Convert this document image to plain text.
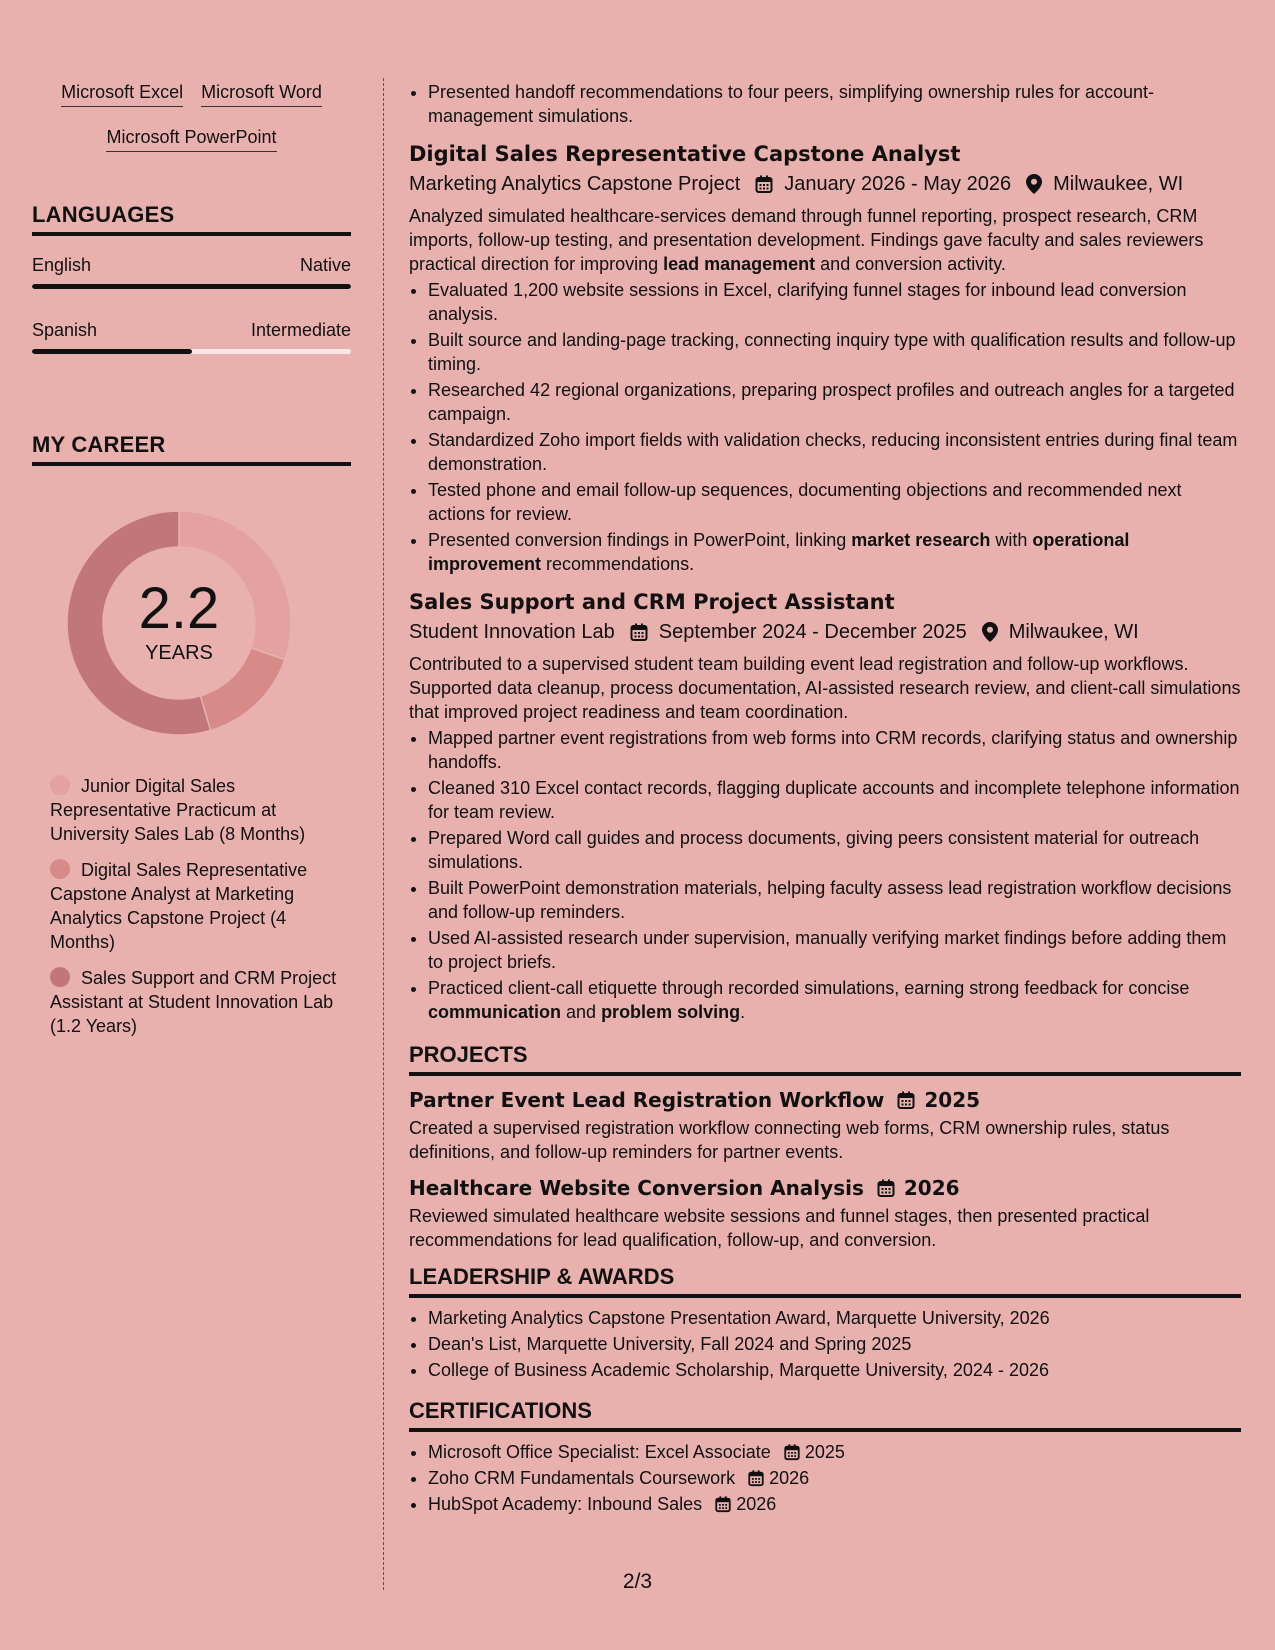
Microsoft Excel Microsoft Word
Microsoft PowerPoint
LANGUAGES
English	Native
Spanish	Intermediate
MY CAREER
2.2
YEARS
Junior Digital Sales Representative Practicum at University Sales Lab (8 Months)
Digital Sales Representative Capstone Analyst at Marketing Analytics Capstone Project (4 Months)
Sales Support and CRM Project Assistant at Student Innovation Lab (1.2 Years)
• Presented handoff recommendations to four peers, simplifying ownership rules for account-management simulations.
Digital Sales Representative Capstone Analyst
Marketing Analytics Capstone Project January 2026 - May 2026 Milwaukee, WI
Analyzed simulated healthcare-services demand through funnel reporting, prospect research, CRM imports, follow-up testing, and presentation development. Findings gave faculty and sales reviewers practical direction for improving lead management and conversion activity.
• Evaluated 1,200 website sessions in Excel, clarifying funnel stages for inbound lead conversion analysis.
• Built source and landing-page tracking, connecting inquiry type with qualification results and follow-up timing.
• Researched 42 regional organizations, preparing prospect profiles and outreach angles for a targeted campaign.
• Standardized Zoho import fields with validation checks, reducing inconsistent entries during final team demonstration.
• Tested phone and email follow-up sequences, documenting objections and recommended next actions for review.
• Presented conversion findings in PowerPoint, linking market research with operational improvement recommendations.
Sales Support and CRM Project Assistant
Student Innovation Lab September 2024 - December 2025 Milwaukee, WI
Contributed to a supervised student team building event lead registration and follow-up workflows. Supported data cleanup, process documentation, AI-assisted research review, and client-call simulations that improved project readiness and team coordination.
• Mapped partner event registrations from web forms into CRM records, clarifying status and ownership handoffs.
• Cleaned 310 Excel contact records, flagging duplicate accounts and incomplete telephone information for team review.
• Prepared Word call guides and process documents, giving peers consistent material for outreach simulations.
• Built PowerPoint demonstration materials, helping faculty assess lead registration workflow decisions and follow-up reminders.
• Used AI-assisted research under supervision, manually verifying market findings before adding them to project briefs.
• Practiced client-call etiquette through recorded simulations, earning strong feedback for concise communication and problem solving.
PROJECTS
Partner Event Lead Registration Workflow 2025
Created a supervised registration workflow connecting web forms, CRM ownership rules, status definitions, and follow-up reminders for partner events.
Healthcare Website Conversion Analysis 2026
Reviewed simulated healthcare website sessions and funnel stages, then presented practical recommendations for lead qualification, follow-up, and conversion.
LEADERSHIP & AWARDS
• Marketing Analytics Capstone Presentation Award, Marquette University, 2026
• Dean's List, Marquette University, Fall 2024 and Spring 2025
• College of Business Academic Scholarship, Marquette University, 2024 - 2026
CERTIFICATIONS
• Microsoft Office Specialist: Excel Associate 2025
• Zoho CRM Fundamentals Coursework 2026
• HubSpot Academy: Inbound Sales 2026
2/3
